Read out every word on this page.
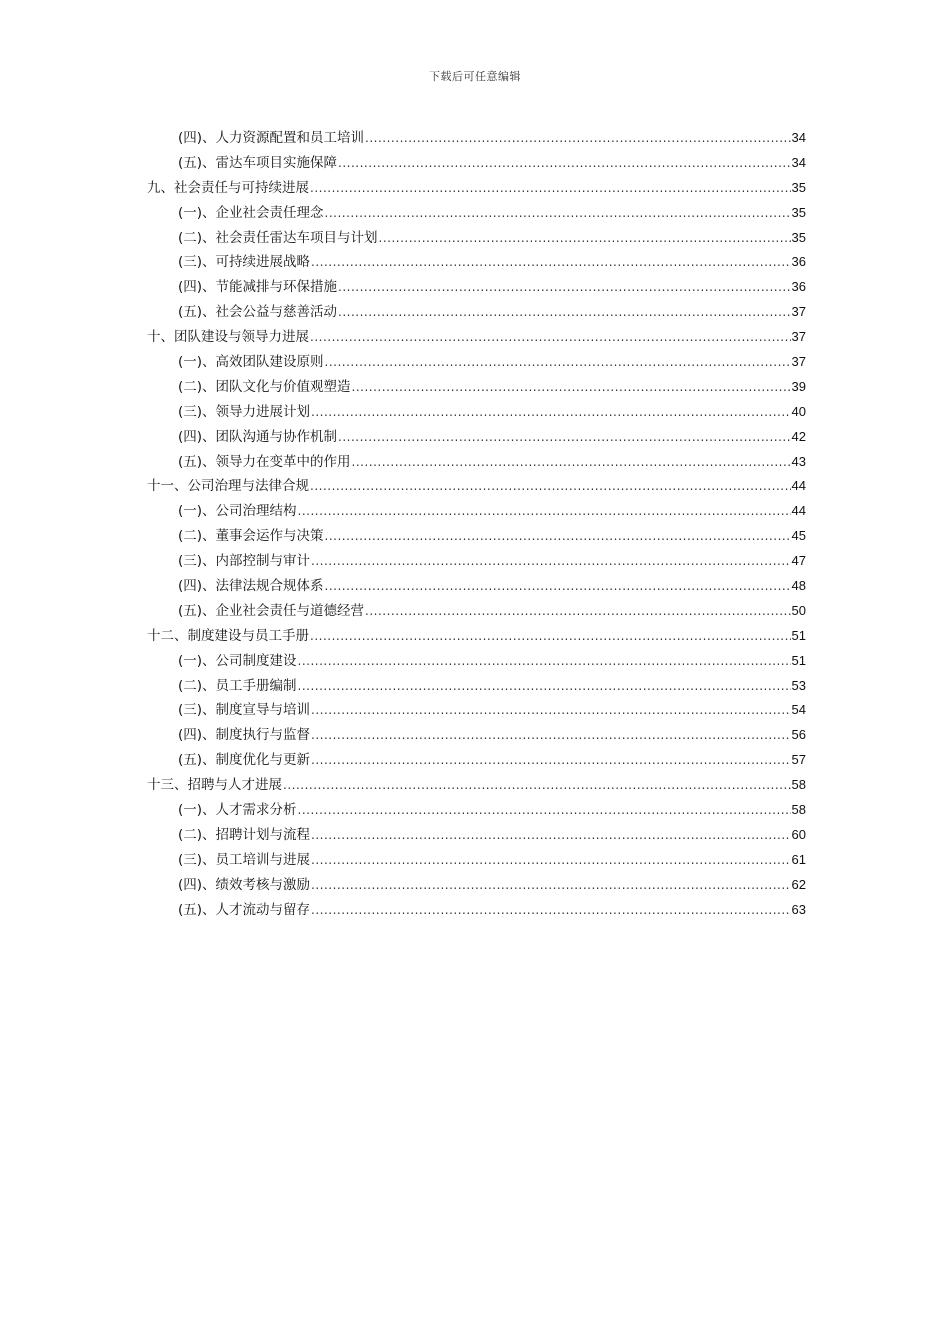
下载后可任意编辑
(四)、人力资源配置和员工培训 .....	34
(五)、雷达车项目实施保障 .....	34
九、社会责任与可持续进展 .....	35
(一)、企业社会责任理念 .....	35
(二)、社会责任雷达车项目与计划 .....	35
(三)、可持续进展战略 .....	36
(四)、节能减排与环保措施 .....	36
(五)、社会公益与慈善活动 .....	37
十、团队建设与领导力进展 .....	37
(一)、高效团队建设原则 .....	37
(二)、团队文化与价值观塑造 .....	39
(三)、领导力进展计划 .....	40
(四)、团队沟通与协作机制 .....	42
(五)、领导力在变革中的作用 .....	43
十一、公司治理与法律合规 .....	44
(一)、公司治理结构 .....	44
(二)、董事会运作与决策 .....	45
(三)、内部控制与审计 .....	47
(四)、法律法规合规体系 .....	48
(五)、企业社会责任与道德经营 .....	50
十二、制度建设与员工手册 .....	51
(一)、公司制度建设 .....	51
(二)、员工手册编制 .....	53
(三)、制度宣导与培训 .....	54
(四)、制度执行与监督 .....	56
(五)、制度优化与更新 .....	57
十三、招聘与人才进展 .....	58
(一)、人才需求分析 .....	58
(二)、招聘计划与流程 .....	60
(三)、员工培训与进展 .....	61
(四)、绩效考核与激励 .....	62
(五)、人才流动与留存 .....	63
